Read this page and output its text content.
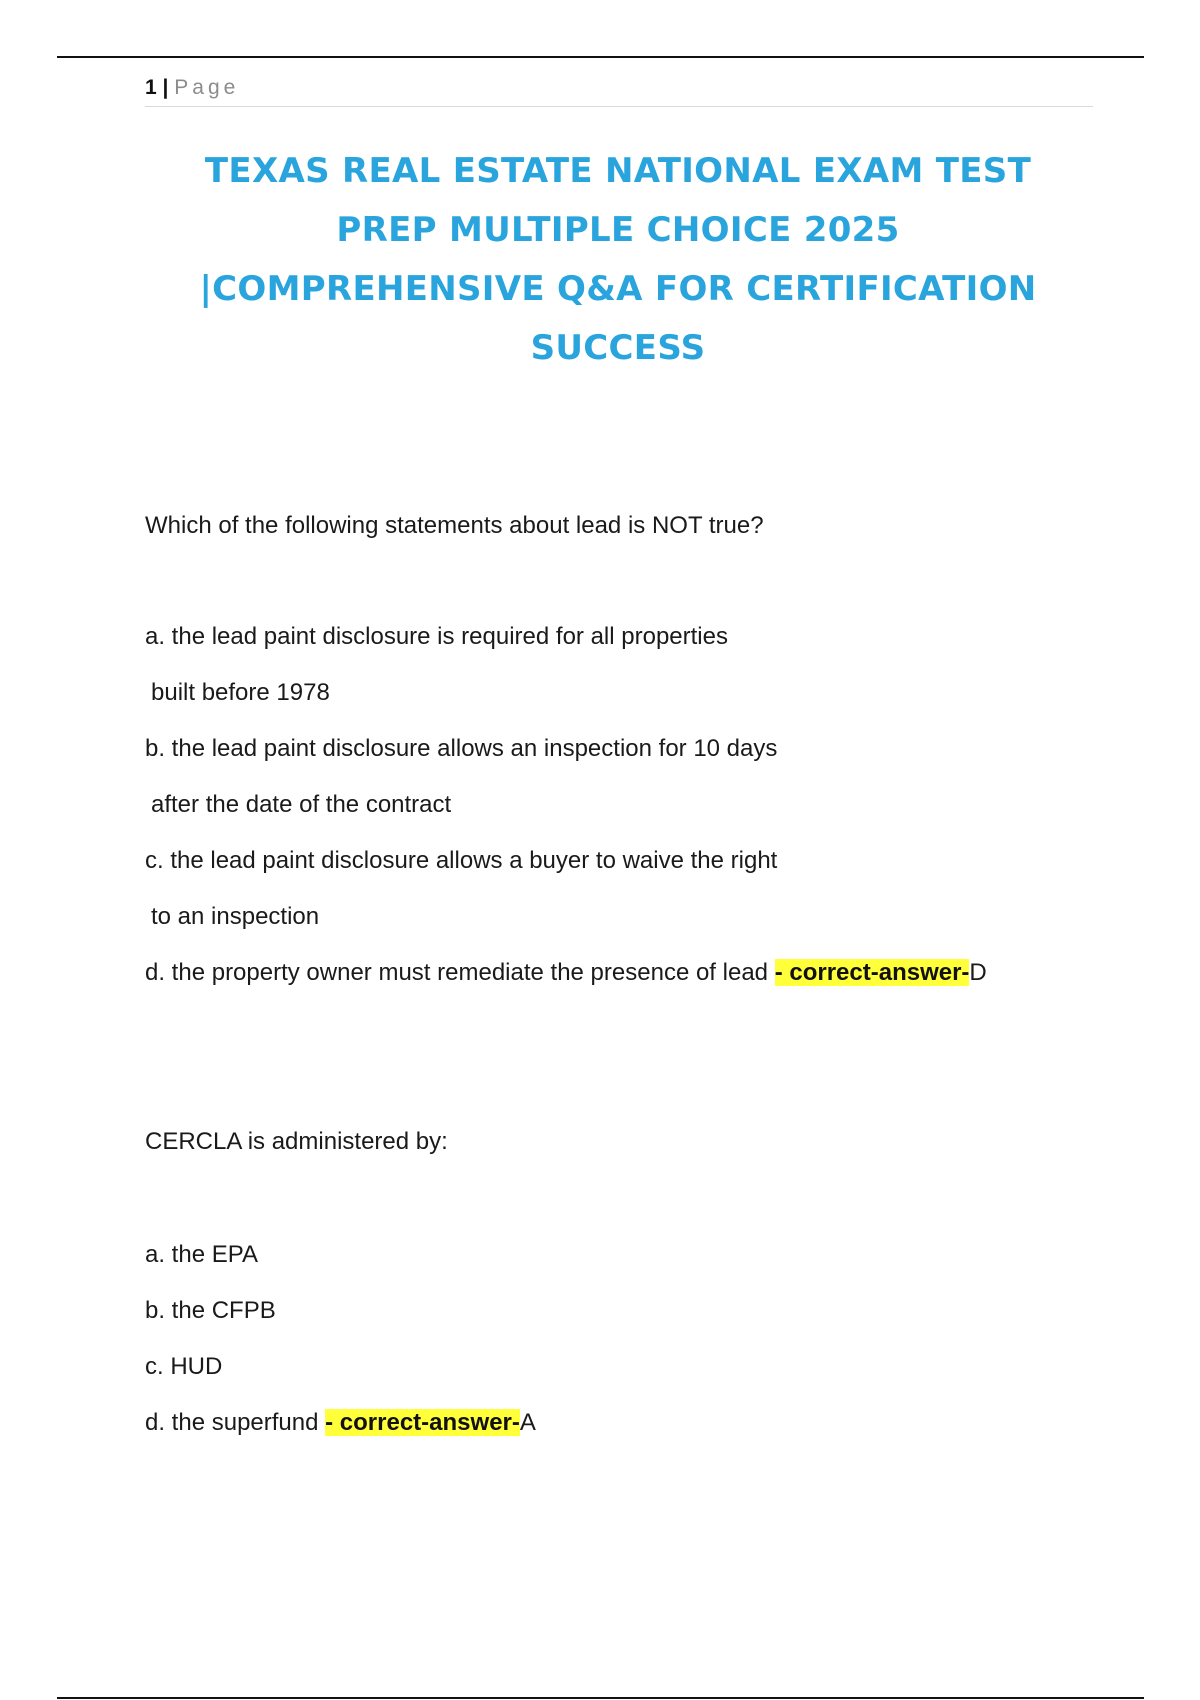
1 | Page
TEXAS REAL ESTATE NATIONAL EXAM TEST
PREP MULTIPLE CHOICE 2025
|COMPREHENSIVE Q&A FOR CERTIFICATION
SUCCESS
Which of the following statements about lead is NOT true?
a. the lead paint disclosure is required for all properties
built before 1978
b. the lead paint disclosure allows an inspection for 10 days
after the date of the contract
c. the lead paint disclosure allows a buyer to waive the right
to an inspection
d. the property owner must remediate the presence of lead - correct-answer-D
CERCLA is administered by:
a. the EPA
b. the CFPB
c. HUD
d. the superfund - correct-answer-A
